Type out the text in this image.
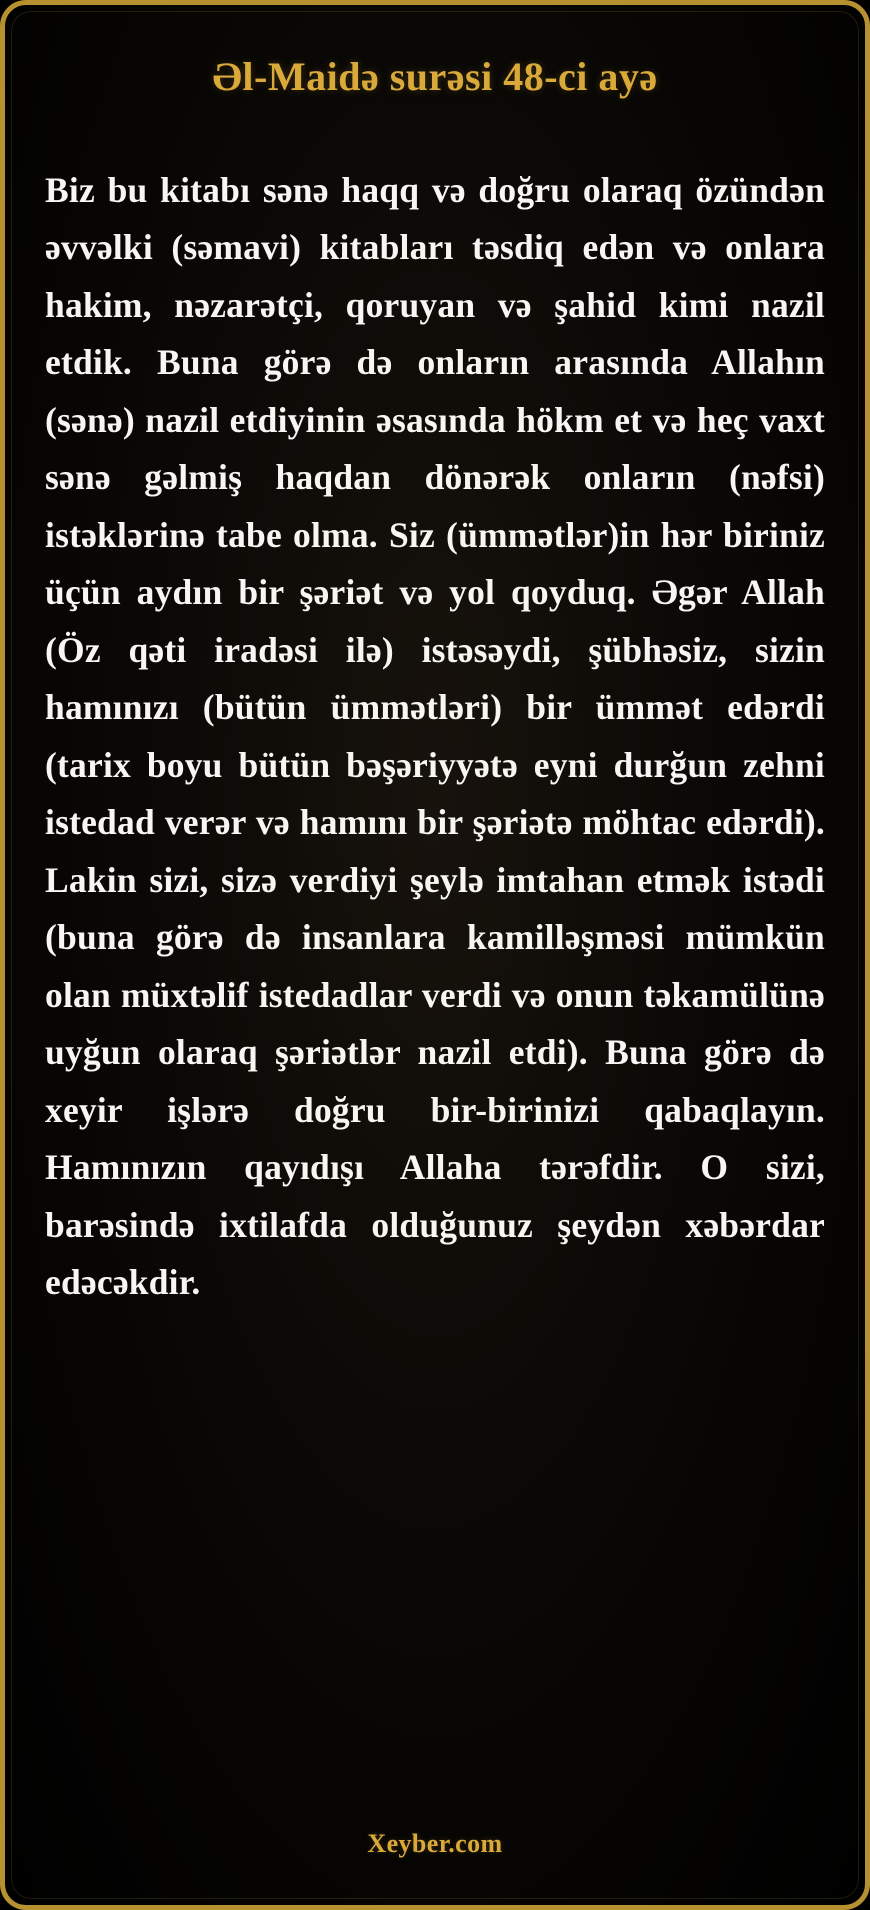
Əl-Maidə surəsi 48-ci ayə

Biz bu kitabı sənə haqq və doğru olaraq özündən əvvəlki (səmavi) kitabları təsdiq edən və onlara hakim, nəzarətçi, qoruyan və şahid kimi nazil etdik. Buna görə də onların arasında Allahın (sənə) nazil etdiyinin əsasında hökm et və heç vaxt sənə gəlmiş haqdan dönərək onların (nəfsi) istəklərinə tabe olma. Siz (ümmətlər)in hər biriniz üçün aydın bir şəriət və yol qoyduq. Əgər Allah (Öz qəti iradəsi ilə) istəsəydi, şübhəsiz, sizin hamınızı (bütün ümmətləri) bir ümmət edərdi (tarix boyu bütün bəşəriyyətə eyni durğun zehni istedad verər və hamını bir şəriətə möhtac edərdi). Lakin sizi, sizə verdiyi şeylə imtahan etmək istədi (buna görə də insanlara kamilləşməsi mümkün olan müxtəlif istedadlar verdi və onun təkamülünə uyğun olaraq şəriətlər nazil etdi). Buna görə də xeyir işlərə doğru bir-birinizi qabaqlayın. Hamınızın qayıdışı Allaha tərəfdir. O sizi, barəsində ixtilafda olduğunuz şeydən xəbərdar edəcəkdir.

Xeyber.com
